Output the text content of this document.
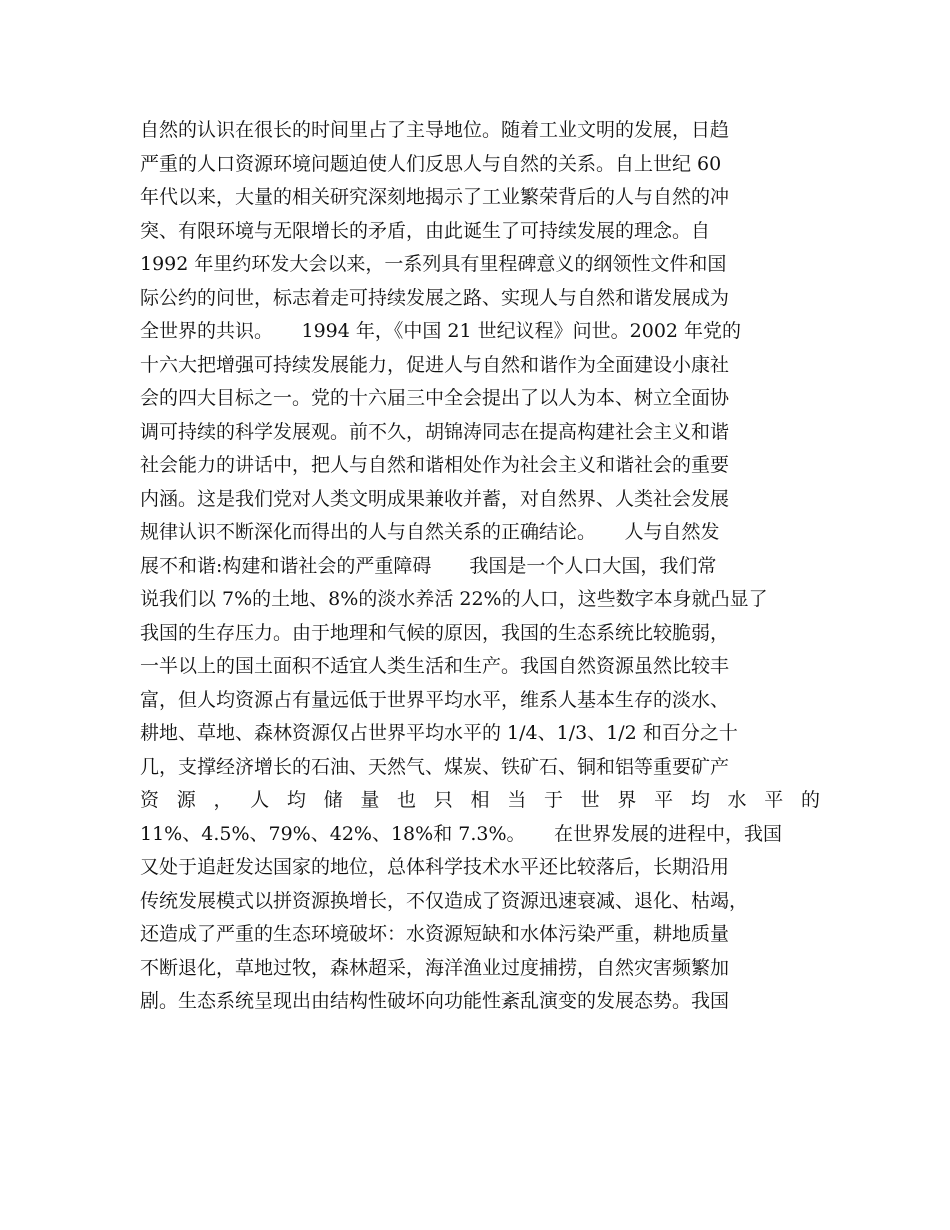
自然的认识在很长的时间里占了主导地位。随着工业文明的发展，日趋
严重的人口资源环境问题迫使人们反思人与自然的关系。自上世纪 60
年代以来，大量的相关研究深刻地揭示了工业繁荣背后的人与自然的冲
突、有限环境与无限增长的矛盾，由此诞生了可持续发展的理念。自
1992 年里约环发大会以来，一系列具有里程碑意义的纲领性文件和国
际公约的问世，标志着走可持续发展之路、实现人与自然和谐发展成为
全世界的共识。　　1994 年，《中国 21 世纪议程》问世。2002 年党的
十六大把增强可持续发展能力，促进人与自然和谐作为全面建设小康社
会的四大目标之一。党的十六届三中全会提出了以人为本、树立全面协
调可持续的科学发展观。前不久，胡锦涛同志在提高构建社会主义和谐
社会能力的讲话中，把人与自然和谐相处作为社会主义和谐社会的重要
内涵。这是我们党对人类文明成果兼收并蓄，对自然界、人类社会发展
规律认识不断深化而得出的人与自然关系的正确结论。　　人与自然发
展不和谐:构建和谐社会的严重障碍　　我国是一个人口大国，我们常
说我们以 7%的土地、8%的淡水养活 22%的人口，这些数字本身就凸显了
我国的生存压力。由于地理和气候的原因，我国的生态系统比较脆弱，
一半以上的国土面积不适宜人类生活和生产。我国自然资源虽然比较丰
富，但人均资源占有量远低于世界平均水平，维系人基本生存的淡水、
耕地、草地、森林资源仅占世界平均水平的 1/4、1/3、1/2 和百分之十
几，支撑经济增长的石油、天然气、煤炭、铁矿石、铜和铝等重要矿产
资 源 ， 人 均 储 量 也 只 相 当 于 世 界 平 均 水 平 的
11%、4.5%、79%、42%、18%和 7.3%。　　在世界发展的进程中，我国
又处于追赶发达国家的地位，总体科学技术水平还比较落后，长期沿用
传统发展模式以拼资源换增长，不仅造成了资源迅速衰减、退化、枯竭，
还造成了严重的生态环境破坏：水资源短缺和水体污染严重，耕地质量
不断退化，草地过牧，森林超采，海洋渔业过度捕捞，自然灾害频繁加
剧。生态系统呈现出由结构性破坏向功能性紊乱演变的发展态势。我国
